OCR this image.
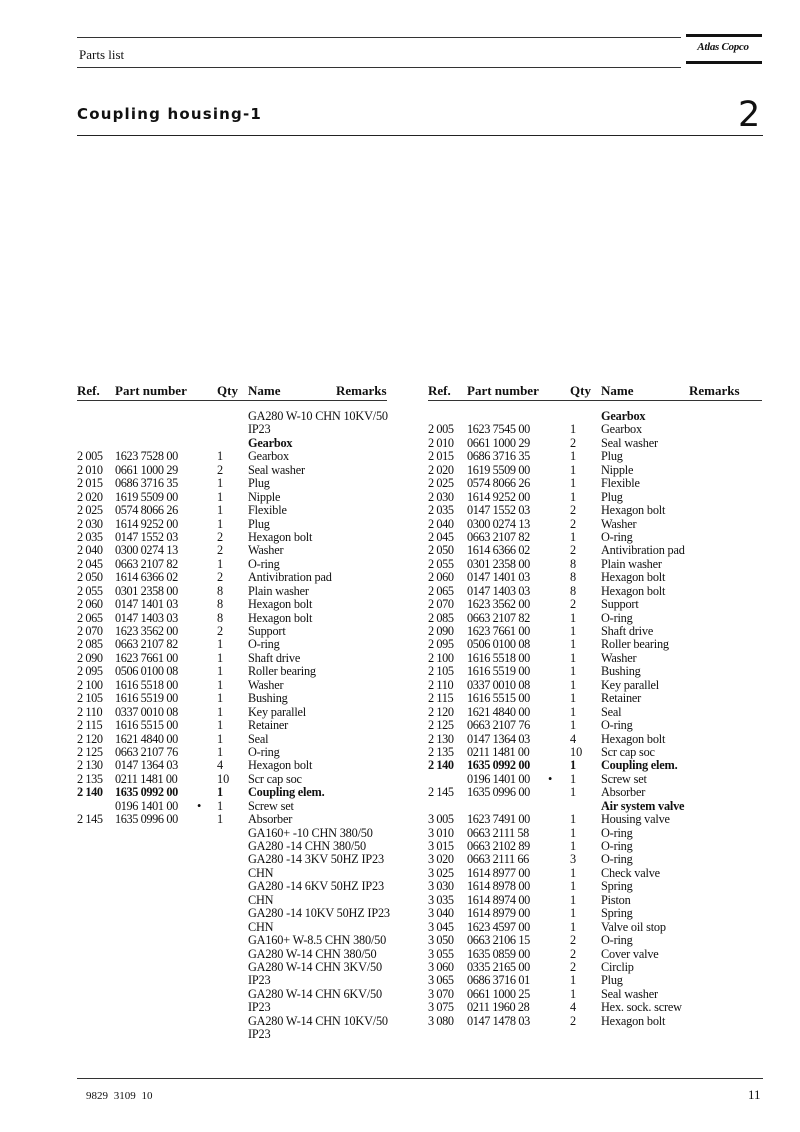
Parts list	Atlas Copco
Coupling housing-1	2
Ref. Part number Qty Name	Remarks
GA280 W-10 CHN 10KV/50
IP23
Gearbox
2 005 1623 7528 00	1 Gearbox
2 010 0661 1000 29	2 Seal washer
2 015 0686 3716 35	1 Plug
2 020 1619 5509 00	1 Nipple
2 025 0574 8066 26	1 Flexible
2 030 1614 9252 00	1 Plug
2 035 0147 1552 03	2 Hexagon bolt
2 040 0300 0274 13	2 Washer
2 045 0663 2107 82	1 O-ring
2 050 1614 6366 02	2 Antivibration pad
2 055 0301 2358 00	8 Plain washer
2 060 0147 1401 03	8 Hexagon bolt
2 065 0147 1403 03	8 Hexagon bolt
2 070 1623 3562 00	2 Support
2 085 0663 2107 82	1 O-ring
2 090 1623 7661 00	1 Shaft drive
2 095 0506 0100 08	1 Roller bearing
2 100 1616 5518 00	1 Washer
2 105 1616 5519 00	1 Bushing
2 110 0337 0010 08	1 Key parallel
2 115 1616 5515 00	1 Retainer
2 120 1621 4840 00	1 Seal
2 125 0663 2107 76	1 O-ring
2 130 0147 1364 03	4 Hexagon bolt
2 135 0211 1481 00	10 Scr cap soc
2 140 1635 0992 00	1 Coupling elem.
0196 1401 00 • 1 Screw set
2 145 1635 0996 00	1 Absorber
GA160+ -10 CHN 380/50
GA280 -14 CHN 380/50
GA280 -14 3KV 50HZ IP23
CHN
GA280 -14 6KV 50HZ IP23
CHN
GA280 -14 10KV 50HZ IP23
CHN
GA160+ W-8.5 CHN 380/50
GA280 W-14 CHN 380/50
GA280 W-14 CHN 3KV/50
IP23
GA280 W-14 CHN 6KV/50
IP23
GA280 W-14 CHN 10KV/50
IP23
Ref. Part number Qty Name	Remarks
Gearbox
2 005 1623 7545 00	1 Gearbox
2 010 0661 1000 29	2 Seal washer
2 015 0686 3716 35	1 Plug
2 020 1619 5509 00	1 Nipple
2 025 0574 8066 26	1 Flexible
2 030 1614 9252 00	1 Plug
2 035 0147 1552 03	2 Hexagon bolt
2 040 0300 0274 13	2 Washer
2 045 0663 2107 82	1 O-ring
2 050 1614 6366 02	2 Antivibration pad
2 055 0301 2358 00	8 Plain washer
2 060 0147 1401 03	8 Hexagon bolt
2 065 0147 1403 03	8 Hexagon bolt
2 070 1623 3562 00	2 Support
2 085 0663 2107 82	1 O-ring
2 090 1623 7661 00	1 Shaft drive
2 095 0506 0100 08	1 Roller bearing
2 100 1616 5518 00	1 Washer
2 105 1616 5519 00	1 Bushing
2 110 0337 0010 08	1 Key parallel
2 115 1616 5515 00	1 Retainer
2 120 1621 4840 00	1 Seal
2 125 0663 2107 76	1 O-ring
2 130 0147 1364 03	4 Hexagon bolt
2 135 0211 1481 00	10 Scr cap soc
2 140 1635 0992 00	1 Coupling elem.
0196 1401 00 • 1 Screw set
2 145 1635 0996 00	1 Absorber
Air system valve
3 005 1623 7491 00	1 Housing valve
3 010 0663 2111 58	1 O-ring
3 015 0663 2102 89	1 O-ring
3 020 0663 2111 66	3 O-ring
3 025 1614 8977 00	1 Check valve
3 030 1614 8978 00	1 Spring
3 035 1614 8974 00	1 Piston
3 040 1614 8979 00	1 Spring
3 045 1623 4597 00	1 Valve oil stop
3 050 0663 2106 15	2 O-ring
3 055 1635 0859 00	2 Cover valve
3 060 0335 2165 00	2 Circlip
3 065 0686 3716 01	1 Plug
3 070 0661 1000 25	1 Seal washer
3 075 0211 1960 28	4 Hex. sock. screw
3 080 0147 1478 03	2 Hexagon bolt
9829 3109 10	11
